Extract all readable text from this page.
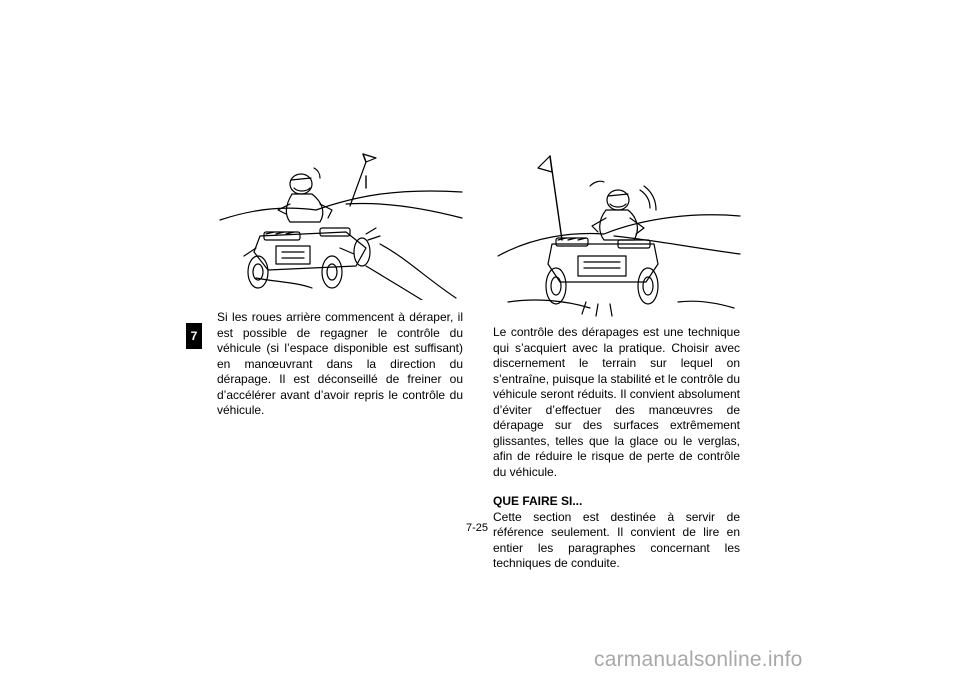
7

Si les roues arrière commencent à déraper, il est possible de regagner le contrôle du véhicule (si l’espace disponible est suffisant) en manœuvrant dans la direction du dérapage. Il est déconseillé de freiner ou d’accélérer avant d’avoir repris le contrôle du véhicule.

Le contrôle des dérapages est une technique qui s’acquiert avec la pratique. Choisir avec discernement le terrain sur lequel on s’entraîne, puisque la stabilité et le contrôle du véhicule seront réduits. Il convient absolument d’éviter d’effectuer des manœuvres de dérapage sur des surfaces extrêmement glissantes, telles que la glace ou le verglas, afin de réduire le risque de perte de contrôle du véhicule.

QUE FAIRE SI...

Cette section est destinée à servir de référence seulement. Il convient de lire en entier les paragraphes concernant les techniques de conduite.

7-25
carmanualsonline.info
